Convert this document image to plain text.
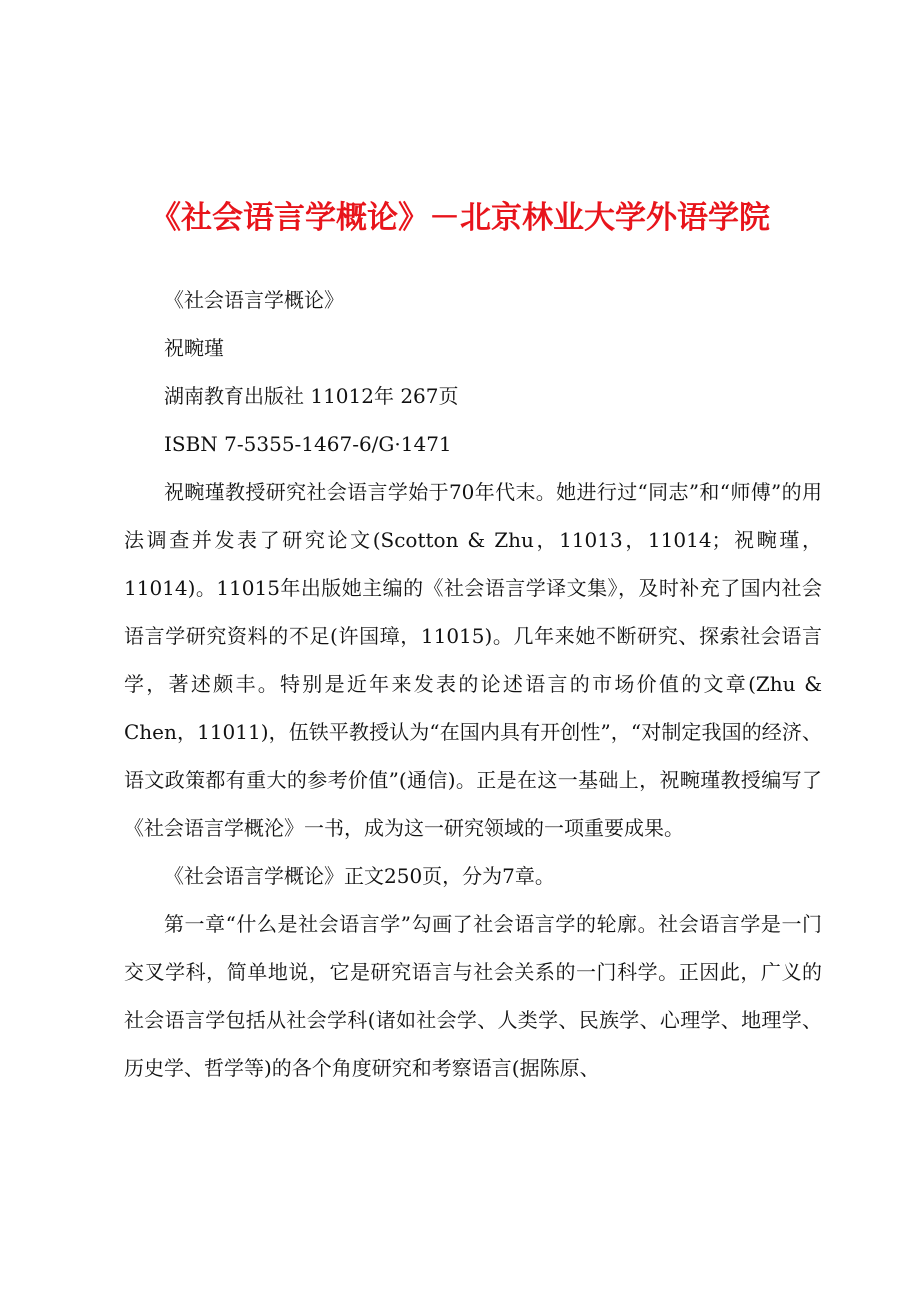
《社会语言学概论》－北京林业大学外语学院

《社会语言学概论》

祝畹瑾

湖南教育出版社 11012年 267页

ISBN 7-5355-1467-6/G·1471

祝畹瑾教授研究社会语言学始于70年代末。她进行过“同志”和“师傅”的用法调查并发表了研究论文(Scotton & Zhu，11013，11014；祝畹瑾，11014)。11015年出版她主编的《社会语言学译文集》，及时补充了国内社会语言学研究资料的不足(许国璋，11015)。几年来她不断研究、探索社会语言学，著述颇丰。特别是近年来发表的论述语言的市场价值的文章(Zhu & Chen，11011)，伍铁平教授认为“在国内具有开创性”，“对制定我国的经济、语文政策都有重大的参考价值”(通信)。正是在这一基础上，祝畹瑾教授编写了《社会语言学概沦》一书，成为这一研究领域的一项重要成果。

《社会语言学概论》正文250页，分为7章。

第一章“什么是社会语言学”勾画了社会语言学的轮廓。社会语言学是一门交叉学科，简单地说，它是研究语言与社会关系的一门科学。正因此，广义的社会语言学包括从社会学科(诸如社会学、人类学、民族学、心理学、地理学、历史学、哲学等)的各个角度研究和考察语言(据陈原、
